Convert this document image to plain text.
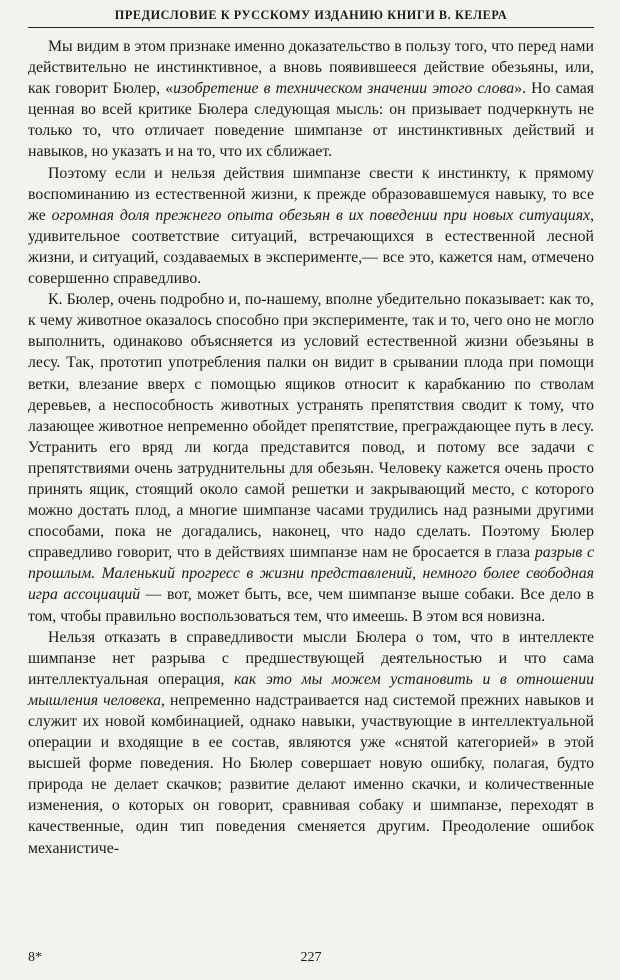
ПРЕДИСЛОВИЕ К РУССКОМУ ИЗДАНИЮ КНИГИ В. КЕЛЕРА

Мы видим в этом признаке именно доказательство в пользу того, что перед нами действительно не инстинктивное, а вновь появившееся действие обезьяны, или, как говорит Бюлер, «изобретение в техническом значении этого слова». Но самая ценная во всей критике Бюлера следующая мысль: он призывает подчеркнуть не только то, что отличает поведение шимпанзе от инстинктивных действий и навыков, но указать и на то, что их сближает.

Поэтому если и нельзя действия шимпанзе свести к инстинкту, к прямому воспоминанию из естественной жизни, к прежде образовавшемуся навыку, то все же огромная доля прежнего опыта обезьян в их поведении при новых ситуациях, удивительное соответствие ситуаций, встречающихся в естественной лесной жизни, и ситуаций, создаваемых в эксперименте,— все это, кажется нам, отмечено совершенно справедливо.

К. Бюлер, очень подробно и, по-нашему, вполне убедительно показывает: как то, к чему животное оказалось способно при эксперименте, так и то, чего оно не могло выполнить, одинаково объясняется из условий естественной жизни обезьяны в лесу. Так, прототип употребления палки он видит в срывании плода при помощи ветки, влезание вверх с помощью ящиков относит к карабканию по стволам деревьев, а неспособность животных устранять препятствия сводит к тому, что лазающее животное непременно обойдет препятствие, преграждающее путь в лесу. Устранить его вряд ли когда представится повод, и потому все задачи с препятствиями очень затруднительны для обезьян. Человеку кажется очень просто принять ящик, стоящий около самой решетки и закрывающий место, с которого можно достать плод, а многие шимпанзе часами трудились над разными другими способами, пока не догадались, наконец, что надо сделать. Поэтому Бюлер справедливо говорит, что в действиях шимпанзе нам не бросается в глаза разрыв с прошлым. Маленький прогресс в жизни представлений, немного более свободная игра ассоциаций — вот, может быть, все, чем шимпанзе выше собаки. Все дело в том, чтобы правильно воспользоваться тем, что имеешь. В этом вся новизна.

Нельзя отказать в справедливости мысли Бюлера о том, что в интеллекте шимпанзе нет разрыва с предшествующей деятельностью и что сама интеллектуальная операция, как это мы можем установить и в отношении мышления человека, непременно надстраивается над системой прежних навыков и служит их новой комбинацией, однако навыки, участвующие в интеллектуальной операции и входящие в ее состав, являются уже «снятой категорией» в этой высшей форме поведения. Но Бюлер совершает новую ошибку, полагая, будто природа не делает скачков; развитие делают именно скачки, и количественные изменения, о которых он говорит, сравнивая собаку и шимпанзе, переходят в качественные, один тип поведения сменяется другим. Преодоление ошибок механистиче-

8*	227
